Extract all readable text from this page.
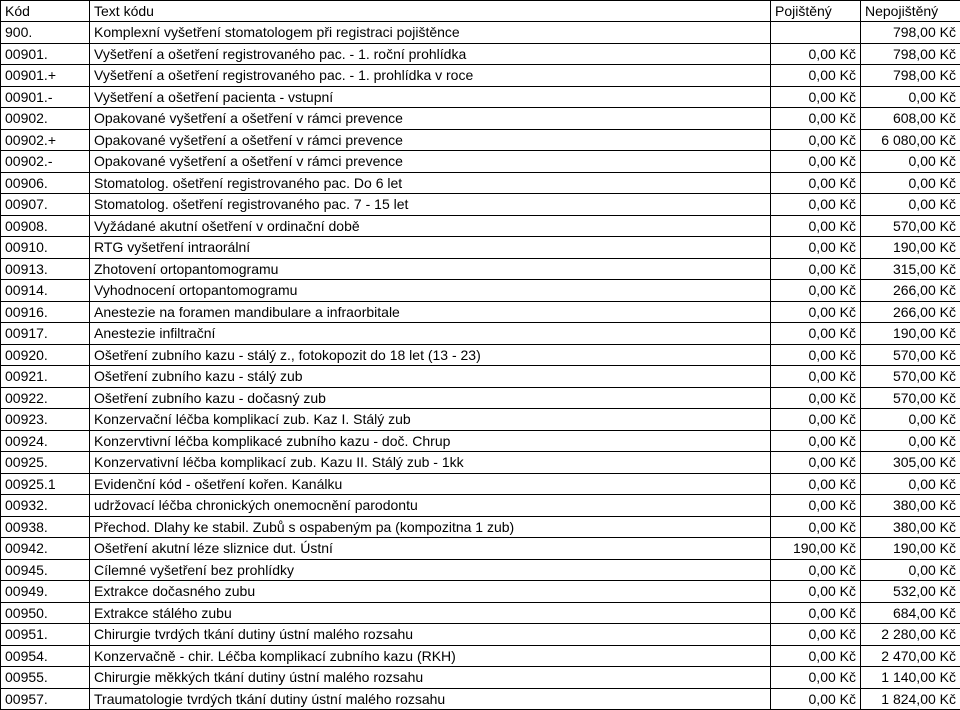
Kód	Text kódu	Pojištěný	Nepojištěný
900.	Komplexní vyšetření stomatologem při registraci pojištěnce		798,00 Kč
00901.	Vyšetření a ošetření registrovaného pac. - 1. roční prohlídka	0,00 Kč	798,00 Kč
00901.+	Vyšetření a ošetření registrovaného pac. - 1. prohlídka v roce	0,00 Kč	798,00 Kč
00901.-	Vyšetření a ošetření pacienta - vstupní	0,00 Kč	0,00 Kč
00902.	Opakované vyšetření a ošetření v rámci prevence	0,00 Kč	608,00 Kč
00902.+	Opakované vyšetření a ošetření v rámci prevence	0,00 Kč	6 080,00 Kč
00902.-	Opakované vyšetření a ošetření v rámci prevence	0,00 Kč	0,00 Kč
00906.	Stomatolog. ošetření registrovaného pac. Do 6 let	0,00 Kč	0,00 Kč
00907.	Stomatolog. ošetření registrovaného pac. 7 - 15 let	0,00 Kč	0,00 Kč
00908.	Vyžádané akutní ošetření v ordinační době	0,00 Kč	570,00 Kč
00910.	RTG vyšetření intraorální	0,00 Kč	190,00 Kč
00913.	Zhotovení ortopantomogramu	0,00 Kč	315,00 Kč
00914.	Vyhodnocení ortopantomogramu	0,00 Kč	266,00 Kč
00916.	Anestezie na foramen mandibulare a infraorbitale	0,00 Kč	266,00 Kč
00917.	Anestezie infiltrační	0,00 Kč	190,00 Kč
00920.	Ošetření zubního kazu - stálý z., fotokopozit do 18 let (13 - 23)	0,00 Kč	570,00 Kč
00921.	Ošetření zubního kazu - stálý zub	0,00 Kč	570,00 Kč
00922.	Ošetření zubního kazu - dočasný zub	0,00 Kč	570,00 Kč
00923.	Konzervační léčba komplikací zub. Kaz I. Stálý zub	0,00 Kč	0,00 Kč
00924.	Konzervtivní léčba komplikacé zubního kazu - doč. Chrup	0,00 Kč	0,00 Kč
00925.	Konzervativní léčba komplikací zub. Kazu II. Stálý zub - 1kk	0,00 Kč	305,00 Kč
00925.1	Evidenční kód - ošetření kořen. Kanálku	0,00 Kč	0,00 Kč
00932.	udržovací léčba chronických onemocnění parodontu	0,00 Kč	380,00 Kč
00938.	Přechod. Dlahy ke stabil. Zubů s ospabeným pa (kompozitna 1 zub)	0,00 Kč	380,00 Kč
00942.	Ošetření akutní léze sliznice dut. Ústní	190,00 Kč	190,00 Kč
00945.	Cílemné vyšetření bez prohlídky	0,00 Kč	0,00 Kč
00949.	Extrakce dočasného zubu	0,00 Kč	532,00 Kč
00950.	Extrakce stálého zubu	0,00 Kč	684,00 Kč
00951.	Chirurgie tvrdých tkání dutiny ústní malého rozsahu	0,00 Kč	2 280,00 Kč
00954.	Konzervačně - chir. Léčba komplikací zubního kazu (RKH)	0,00 Kč	2 470,00 Kč
00955.	Chirurgie měkkých tkání dutiny ústní malého rozsahu	0,00 Kč	1 140,00 Kč
00957.	Traumatologie tvrdých tkání dutiny ústní malého rozsahu	0,00 Kč	1 824,00 Kč
